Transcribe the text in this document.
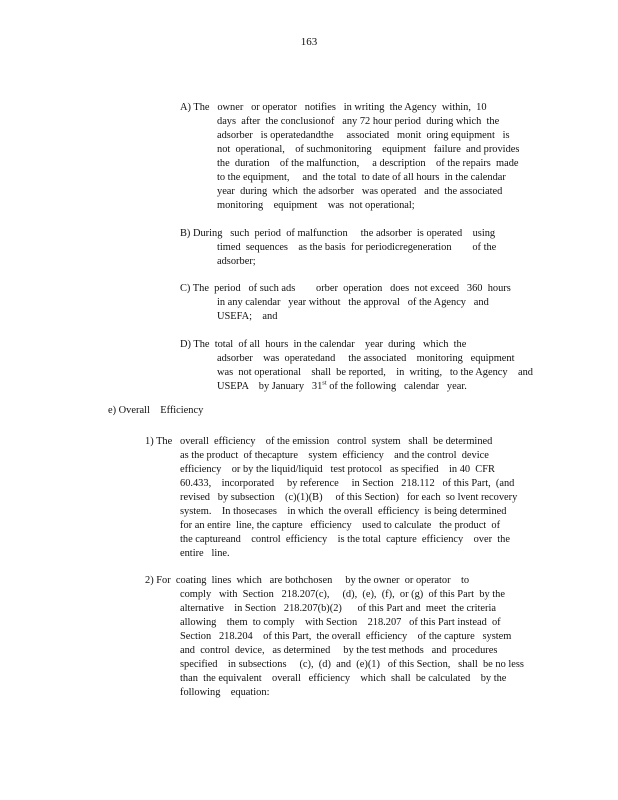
163
A) The   owner   or operator   notifies   in writing  the Agency  within,  10
days  after  the conclusionof   any 72 hour period  during which  the
adsorber   is operatedandthe     associated   monit  oring equipment   is
not  operational,    of suchmonitoring    equipment   failure  and provides
the  duration    of the malfunction,     a description    of the repairs  made
to the equipment,     and  the total  to date of all hours  in the calendar
year  during  which  the adsorber   was operated   and  the associated
monitoring    equipment    was  not operational;
B) During   such  period  of malfunction     the adsorber  is operated    using
timed  sequences    as the basis  for periodicregeneration        of the
adsorber;
C) The  period   of such ads        orber  operation   does  not exceed   360  hours
in any calendar   year without   the approval   of the Agency   and
USEFA;    and
D) The  total  of all  hours  in the calendar    year  during   which  the
adsorber    was  operatedand     the associated    monitoring   equipment
was  not operational    shall  be reported,    in  writing,   to the Agency    and
USEPA    by January   31st of the following   calendar   year.
e) Overall    Efficiency
1) The   overall  efficiency    of the emission   control  system   shall  be determined
as the product  of thecapture    system  efficiency    and the control  device
efficiency    or by the liquid/liquid   test protocol   as specified    in 40  CFR
60.433,    incorporated     by reference     in Section   218.112   of this Part,  (and
revised   by subsection    (c)(1)(B)     of this Section)   for each  so lvent recovery
system.    In thosecases    in which  the overall  efficiency  is being determined
for an entire  line, the capture   efficiency    used to calculate   the product  of
the captureand    control  efficiency    is the total  capture  efficiency    over  the
entire   line.
2) For  coating  lines  which   are bothchosen     by the owner  or operator    to
comply   with  Section   218.207(c),     (d),  (e),  (f),  or (g)  of this Part  by the
alternative    in Section   218.207(b)(2)      of this Part and  meet  the criteria
allowing    them  to comply    with Section    218.207   of this Part instead  of
Section   218.204    of this Part,  the overall  efficiency    of the capture   system
and  control  device,   as determined     by the test methods   and  procedures
specified    in subsections     (c),  (d)  and  (e)(1)   of this Section,   shall  be no less
than  the equivalent    overall   efficiency    which  shall  be calculated    by the
following    equation:
